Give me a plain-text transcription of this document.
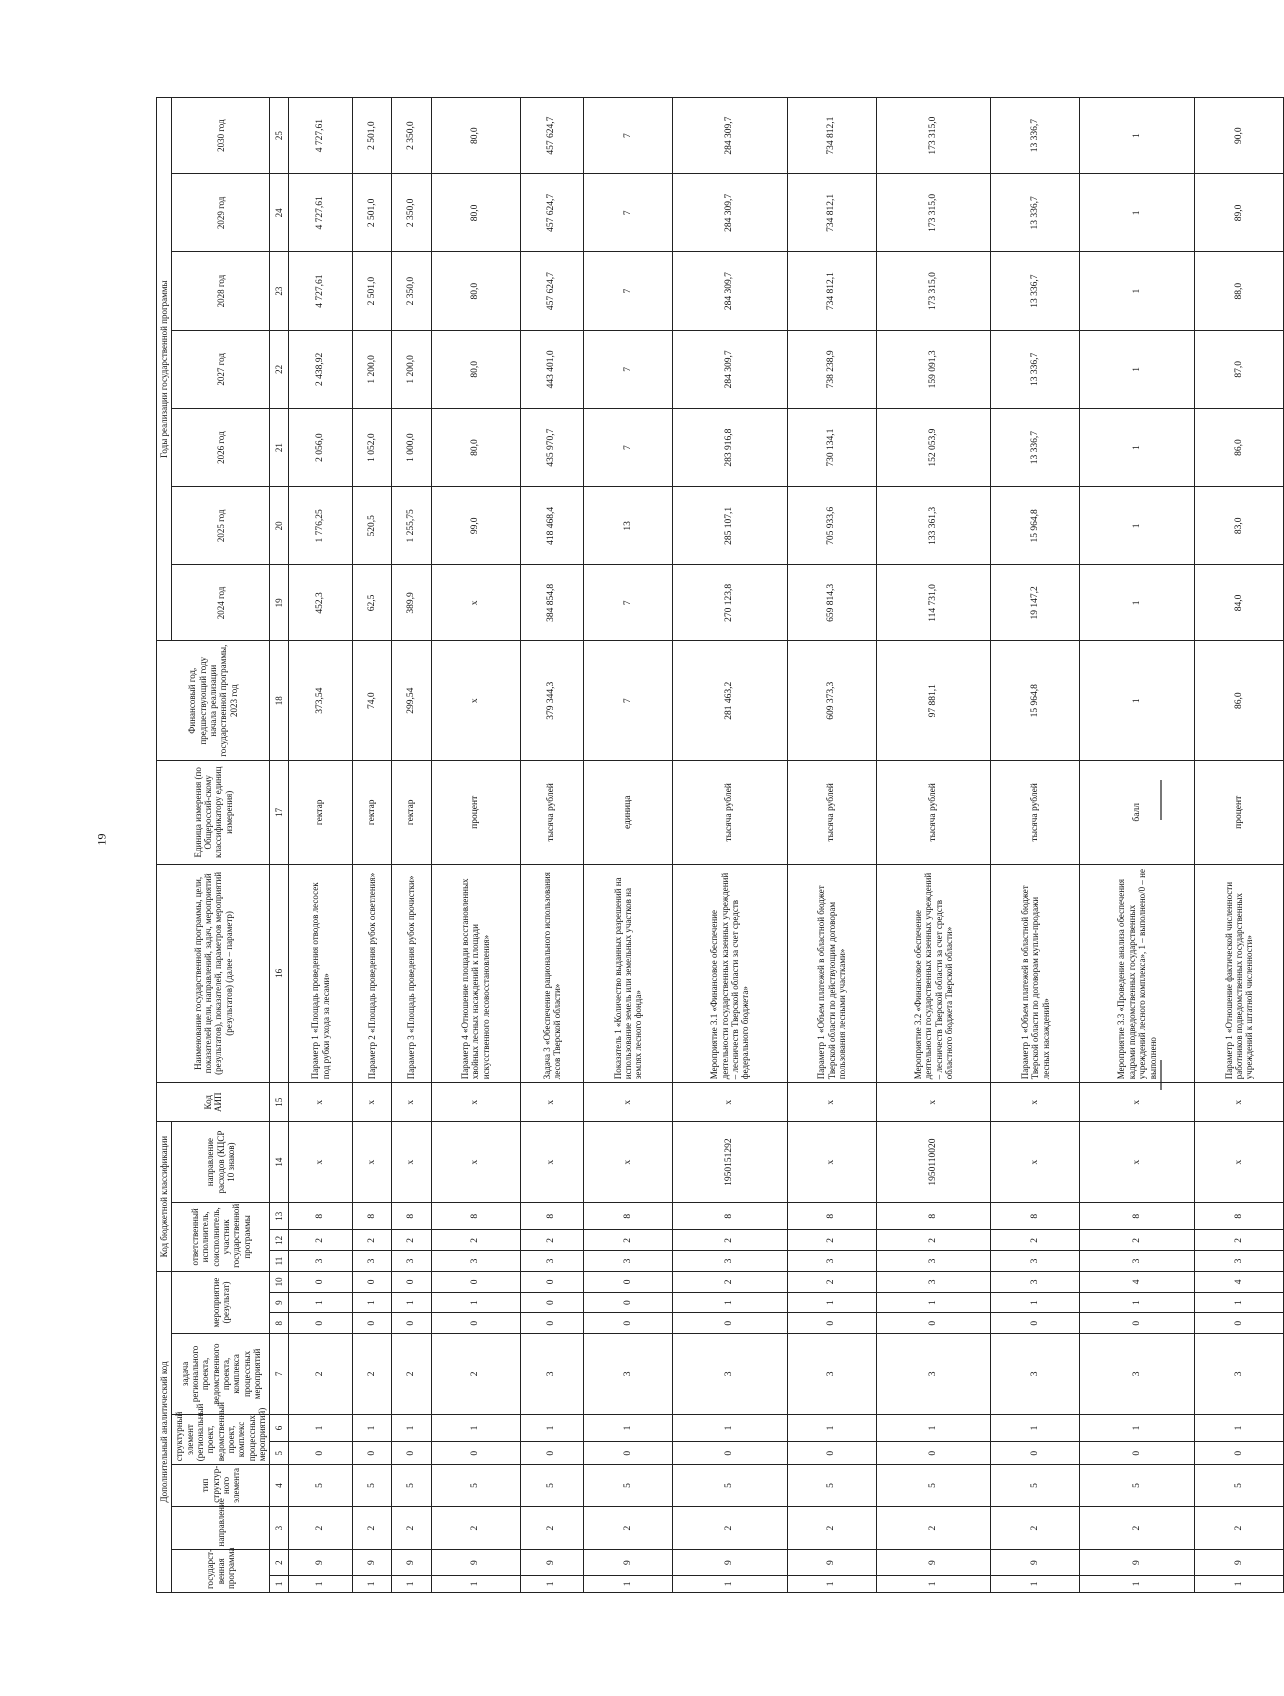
19
Дополнительный аналитический код										Код бюджетной классификации				Код АИП	Наименование государственной программы, цели, показателей цели, направлений, задач, мероприятий (результатов), показателей, параметров мероприятий (результатов) (далее – параметр)	Единица измерения (по Общероссий-скому классификатору единиц измерения)	Финансовый год, предшествующий году начала реализации государственной программы, 2023 год	Годы реализации государственной программы						
государст-венная программа		направление	тип структур-ного элемента	структурный элемент (региональный проект, ведомственный проект, комплекс процессных мероприятий)		задача регионального проекта, ведомственного проекта, комплекса процессных мероприятий	мероприятие (результат)			ответственный исполнитель, соисполнитель, участник государственной программы			направление расходов (КЦСР 10 знаков)					2024 год	2025 год	2026 год	2027 год	2028 год	2029 год	2030 год

1	2	3	4	5	6	7	8	9	10	11	12	13	14	15	16	17	18	19	20	21	22	23	24	25
1	9	2	5	0	1	2	0	1	0	3	2	8	х	х	Параметр 1 «Площадь проведения отводов лесосек под рубки ухода за лесами»	гектар	373,54	452,3	1 776,25	2 056,0	2 438,92	4 727,61	4 727,61	4 727,61
1	9	2	5	0	1	2	0	1	0	3	2	8	х	х	Параметр 2 «Площадь проведения рубок осветления»	гектар	74,0	62,5	520,5	1 052,0	1 200,0	2 501,0	2 501,0	2 501,0
1	9	2	5	0	1	2	0	1	0	3	2	8	х	х	Параметр 3 «Площадь проведения рубок прочистки»	гектар	299,54	389,9	1 255,75	1 000,0	1 200,0	2 350,0	2 350,0	2 350,0
1	9	2	5	0	1	2	0	1	0	3	2	8	х	х	Параметр 4 «Отношение площади восстановленных хвойных лесных насаждений к площади искусственного лесовосстановления»	процент	х	х	99,0	80,0	80,0	80,0	80,0	80,0
1	9	2	5	0	1	3	0	0	0	3	2	8	х	х	Задача 3 «Обеспечение рационального использования лесов Тверской области»	тысяча рублей	379 344,3	384 854,8	418 468,4	435 970,7	443 401,0	457 624,7	457 624,7	457 624,7
1	9	2	5	0	1	3	0	0	0	3	2	8	х	х	Показатель 1 «Количество выданных разрешений на использование земель или земельных участков на землях лесного фонда»	единица	7	7	13	7	7	7	7	7
1	9	2	5	0	1	3	0	1	2	3	2	8	1950151292	х	Мероприятие 3.1 «Финансовое обеспечение деятельности государственных казенных учреждений – лесничеств Тверской области за счет средств федерального бюджета»	тысяча рублей	281 463,2	270 123,8	285 107,1	283 916,8	284 309,7	284 309,7	284 309,7	284 309,7
1	9	2	5	0	1	3	0	1	2	3	2	8	х	х	Параметр 1 «Объем платежей в областной бюджет Тверской области по действующим договорам пользования лесными участками»	тысяча рублей	609 373,3	659 814,3	705 933,6	730 134,1	738 238,9	734 812,1	734 812,1	734 812,1
1	9	2	5	0	1	3	0	1	3	3	2	8	1950110020	х	Мероприятие 3.2 «Финансовое обеспечение деятельности государственных казенных учреждений – лесничеств Тверской области за счет средств областного бюджета Тверской области»	тысяча рублей	97 881,1	114 731,0	133 361,3	152 053,9	159 091,3	173 315,0	173 315,0	173 315,0
1	9	2	5	0	1	3	0	1	3	3	2	8	х	х	Параметр 1 «Объем платежей в областной бюджет Тверской области по договорам купли-продажи лесных насаждений»	тысяча рублей	15 964,8	19 147,2	15 964,8	13 336,7	13 336,7	13 336,7	13 336,7	13 336,7
1	9	2	5	0	1	3	0	1	4	3	2	8	х	х	Мероприятие 3.3 «Проведение анализа обеспечения кадрами подведомственных государственных учреждений лесного комплекса», 1 – выполнено/0 – не выполнено	балл	1	1	1	1	1	1	1	1
1	9	2	5	0	1	3	0	1	4	3	2	8	х	х	Параметр 1 «Отношение фактической численности работников подведомственных государственных учреждений к штатной численности»	процент	86,0	84,0	83,0	86,0	87,0	88,0	89,0	90,0
